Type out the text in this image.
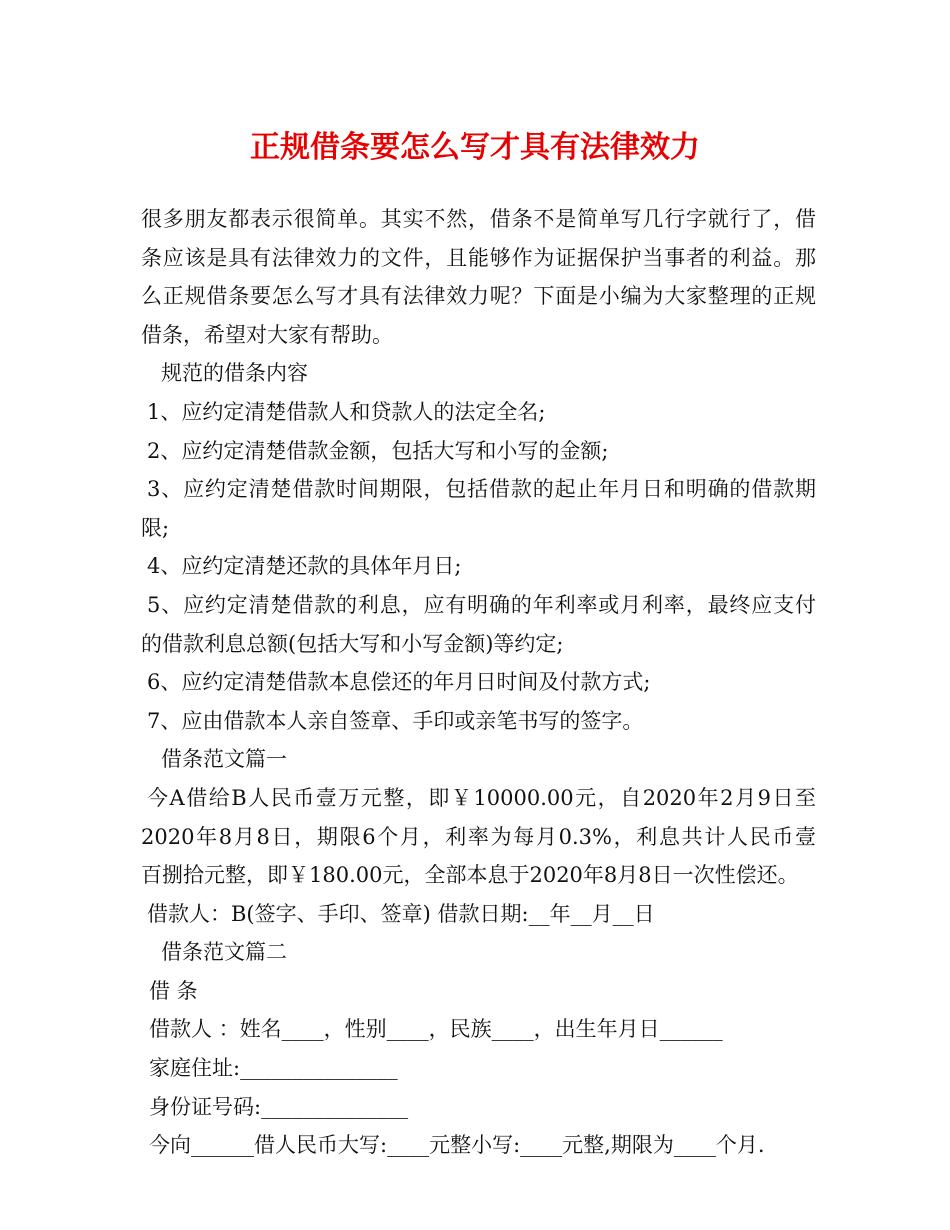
正规借条要怎么写才具有法律效力
很多朋友都表示很简单。其实不然，借条不是简单写几行字就行了，借
条应该是具有法律效力的文件，且能够作为证据保护当事者的利益。那
么正规借条要怎么写才具有法律效力呢？下面是小编为大家整理的正规
借条，希望对大家有帮助。
规范的借条内容
1、应约定清楚借款人和贷款人的法定全名;
2、应约定清楚借款金额，包括大写和小写的金额;
3、应约定清楚借款时间期限，包括借款的起止年月日和明确的借款期
限;
4、应约定清楚还款的具体年月日;
5、应约定清楚借款的利息，应有明确的年利率或月利率，最终应支付
的借款利息总额(包括大写和小写金额)等约定;
6、应约定清楚借款本息偿还的年月日时间及付款方式;
7、应由借款本人亲自签章、手印或亲笔书写的签字。
借条范文篇一
今A借给B人民币壹万元整，即￥10000.00元，自2020年2月9日至
2020年8月8日，期限6个月，利率为每月0.3%，利息共计人民币壹
百捌拾元整，即￥180.00元，全部本息于2020年8月8日一次性偿还。
借款人：B(签字、手印、签章) 借款日期:__年__月__日
借条范文篇二
借 条
借款人 ：姓名____，性别____，民族____，出生年月日______
家庭住址:_______________
身份证号码:______________
今向______借人民币大写:____元整小写:____元整,期限为____个月.
